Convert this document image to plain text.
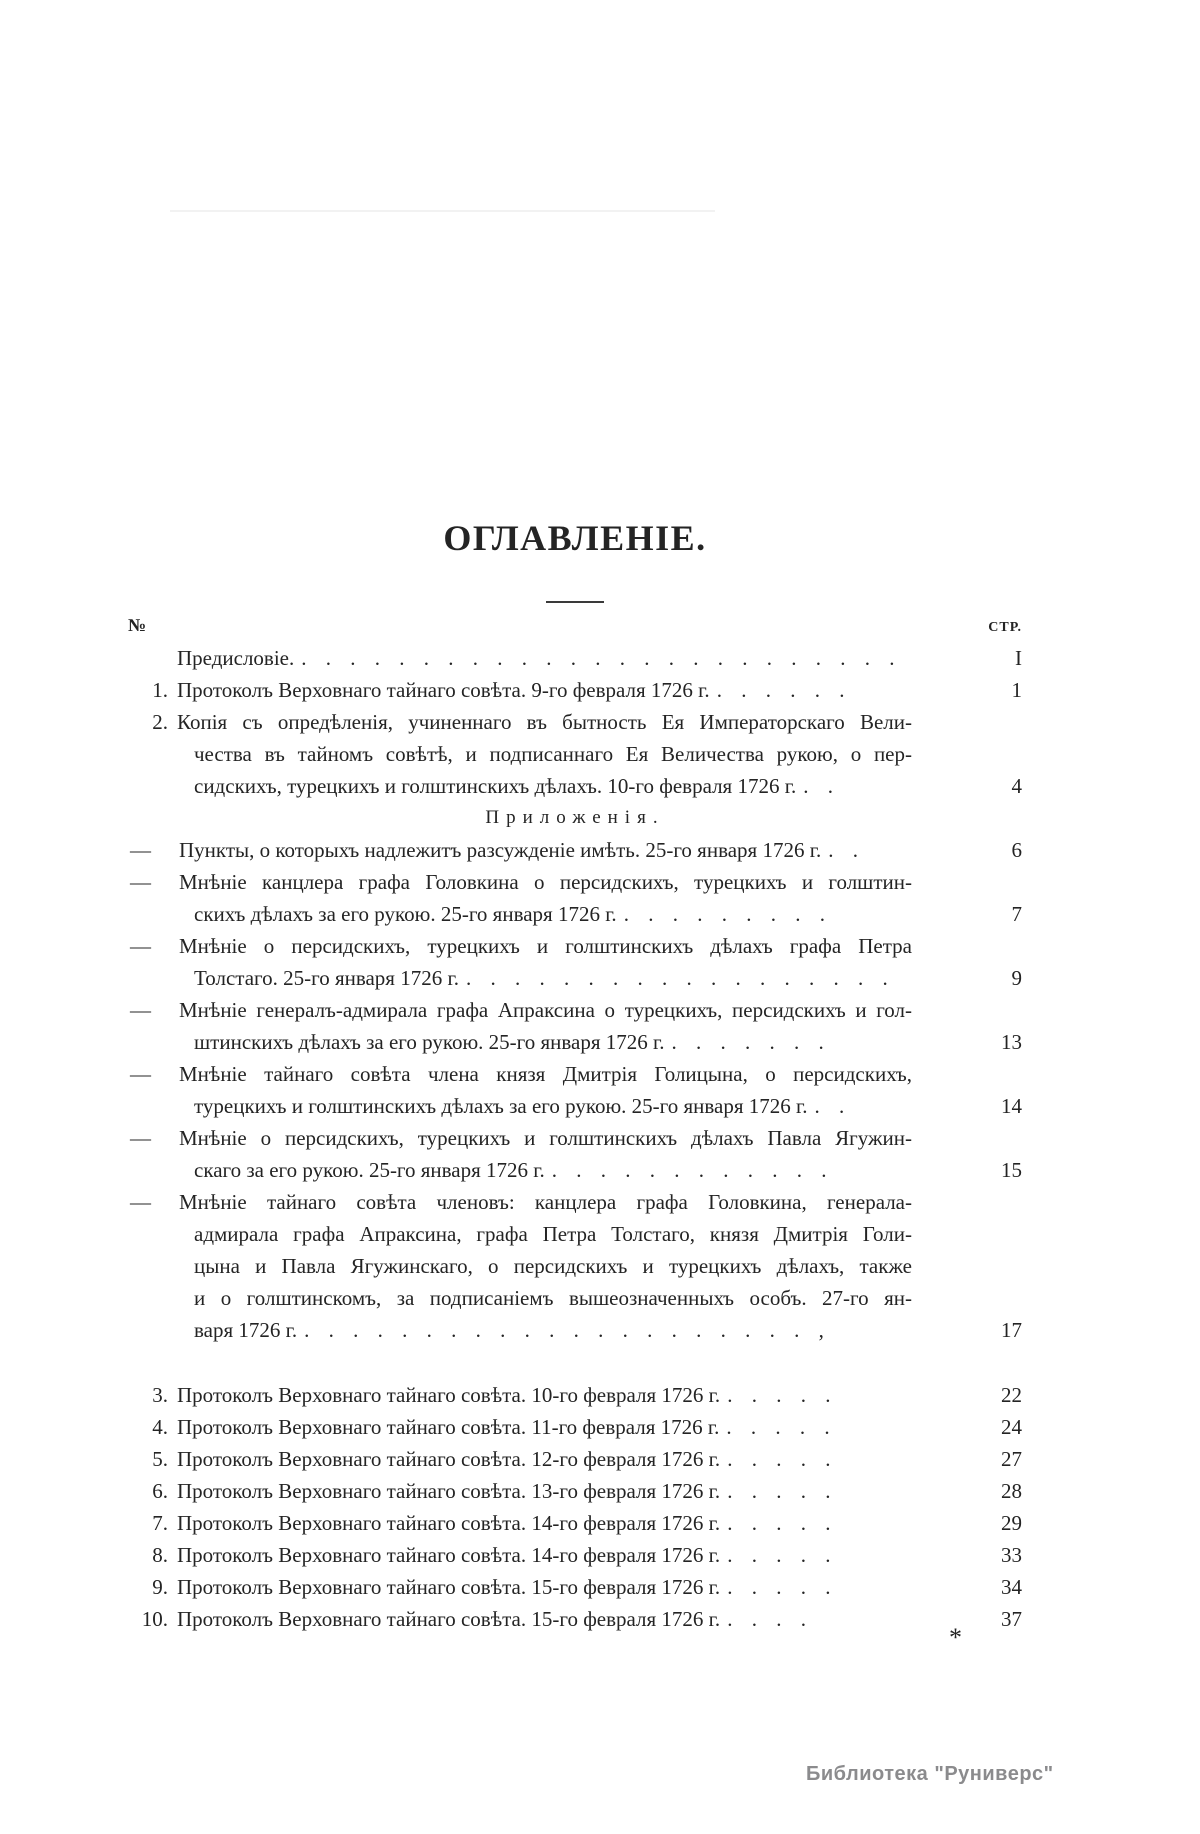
ОГЛАВЛЕНІЕ.
№	СТР.
Предисловіе. . . . . . . . . . . . . . . . . . . . . . . . . .	I
1. Протоколъ Верховнаго тайнаго совѣта. 9-го февраля 1726 г. . . . . . .	1
2. Копія съ опредѣленія, учиненнаго въ бытность Ея Императорскаго Вели-
чества въ тайномъ совѣтѣ, и подписаннаго Ея Величества рукою, о пер-
сидскихъ, турецкихъ и голштинскихъ дѣлахъ. 10-го февраля 1726 г. . .	4
Приложенія.
—	Пункты, о которыхъ надлежитъ разсужденіе имѣть. 25-го января 1726 г. . .	6
—	Мнѣніе канцлера графа Головкина о персидскихъ, турецкихъ и голштин-
скихъ дѣлахъ за его рукою. 25-го января 1726 г. . . . . . . . . .	7
—	Мнѣніе о персидскихъ, турецкихъ и голштинскихъ дѣлахъ графа Петра
Толстаго. 25-го января 1726 г. . . . . . . . . . . . . . . . . . .	9
—	Мнѣніе генералъ-адмирала графа Апраксина о турецкихъ, персидскихъ и гол-
штинскихъ дѣлахъ за его рукою. 25-го января 1726 г. . . . . . . .	13
—	Мнѣніе тайнаго совѣта члена князя Дмитрія Голицына, о персидскихъ,
турецкихъ и голштинскихъ дѣлахъ за его рукою. 25-го января 1726 г. . .	14
—	Мнѣніе о персидскихъ, турецкихъ и голштинскихъ дѣлахъ Павла Ягужин-
скаго за его рукою. 25-го января 1726 г. . . . . . . . . . . . .	15
—	Мнѣніе тайнаго совѣта членовъ: канцлера графа Головкина, генерала-
адмирала графа Апраксина, графа Петра Толстаго, князя Дмитрія Голи-
цына и Павла Ягужинскаго, о персидскихъ и турецкихъ дѣлахъ, также
и о голштинскомъ, за подписаніемъ вышеозначенныхъ особъ. 27-го ян-
варя 1726 г. . . . . . . . . . . . . . . . . . . . . . ,	17
3. Протоколъ Верховнаго тайнаго совѣта. 10-го февраля 1726 г. . . . . .	22
4. Протоколъ Верховнаго тайнаго совѣта. 11-го февраля 1726 г. . . . . .	24
5. Протоколъ Верховнаго тайнаго совѣта. 12-го февраля 1726 г. . . . . .	27
6. Протоколъ Верховнаго тайнаго совѣта. 13-го февраля 1726 г. . . . . .	28
7. Протоколъ Верховнаго тайнаго совѣта. 14-го февраля 1726 г. . . . . .	29
8. Протоколъ Верховнаго тайнаго совѣта. 14-го февраля 1726 г. . . . . .	33
9. Протоколъ Верховнаго тайнаго совѣта. 15-го февраля 1726 г. . . . . .	34
10. Протоколъ Верховнаго тайнаго совѣта. 15-го февраля 1726 г. . . . .	37
*
Библиотека "Руниверс"
